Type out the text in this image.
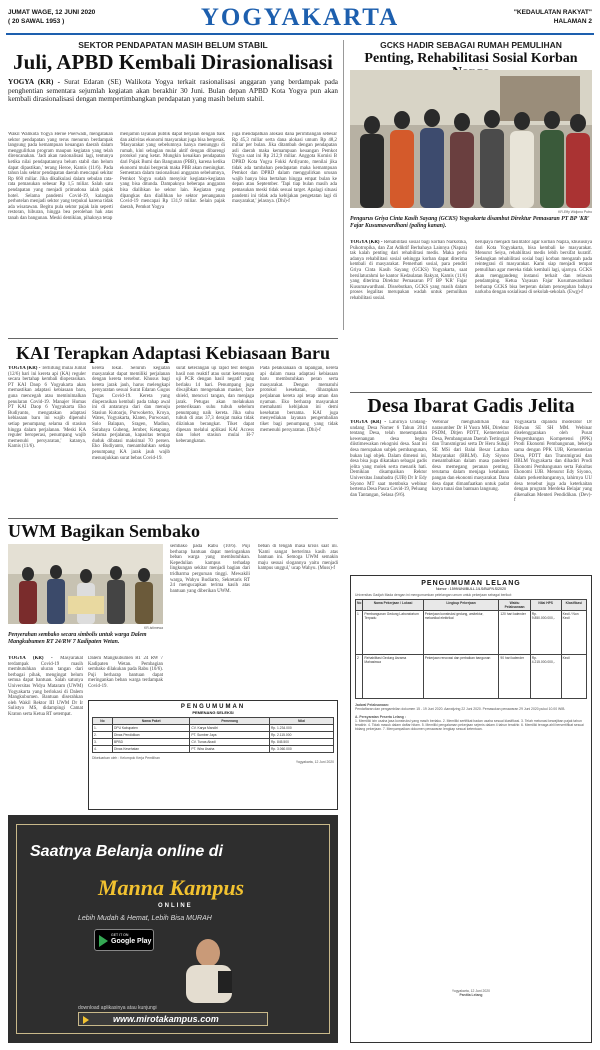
JUMAT WAGE, 12 JUNI 2020
( 20 SAWAL 1953 )	YOGYAKARTA	"KEDAULATAN RAKYAT"
HALAMAN 2
SEKTOR PENDAPATAN MASIH BELUM STABIL
Juli, APBD Kembali Dirasionalisasi
YOGYA (KR) - Surat Edaran (SE) Walikota Yogya terkait rasionalisasi anggaran yang berdampak pada penghentian sementara sejumlah kegiatan akan berakhir 30 Juni. Bulan depan APBD Kota Yogya pun akan kembali dirasionalisasi dengan mempertimbangkan pendapatan yang masih belum stabil.
Wakil Walikota Yogya Heroe Poerwadi, mengatakan sektor pendapatan yang terus menurun berdampak langsung pada kemampuan keuangan daerah dalam menggulirkan program maupun kegiatan yang telah direncanakan. 'Jadi akan rasionalisasi lagi, tentunya ketika nilai pendapatannya belum stabil dan belum dapat dipastikan,' terang Heroe, Kamis (11/6). Pada tahun lalu sektor pendapatan daerah mencapai sekitar Rp 660 miliar. Jika dikalkulasi dalam sebulan rata-rata pemasukan sebesar Rp 1,5 miliar. Salah satu pendapatan yang menjadi primadona ialah pajak hotel. Selama pandemi Covid-19, kalangan perhotelan menjadi sektor yang terpukul karena tidak ada wisatawan. Begitu pula sektor pajak lain seperti restoran, hiburan, hingga bea perolehan hak atas tanah dan bangunan. Meski demikian, pihaknya tetap
menjamin layanan publik dapat berjalan dengan baik dan aktivitas ekonomi masyarakat juga bisa bergerak. 'Masyarakat yang sebelumnya hanya menunggu di rumah, kini sebagian mulai aktif dengan dibarengi protokol yang ketat. Mungkin kenaikan pendapatan dari Pajak Bumi dan Bangunan (PBB), karena ketika ekonomi mulai bergerak maka PBB akan meningkat. Sementara dalam rasionalisasi anggaran sebelumnya, Pemkot Yogya sudah menyisir kegiatan-kegiatan yang bisa ditunda. Dampaknya beberapa anggaran bisa dialihkan ke sektor lain. Kegiatan yang dipangkas dan dialihkan ke sektor penanganan Covid-19 mencapai Rp 131,9 miliar. Selain pajak daerah, Pemkot Yogya
juga mendapatkan alokasi dana perimbangan sebesar Rp 45,3 miliar serta dana alokasi umum Rp 48,2 miliar per bulan. Jika ditambah dengan pendapatan asli daerah maka kemampuan keuangan Pemkot Yogya saat ini Rp 212,9 miliar. Anggota Komisi B DPRD Kota Yogya Fokki Ardiyanto, menilai jika tidak ada tambahan pendapatan maka kemampuan Pemkot dan DPRD dalam menggulirkan urusan wajib hanya bisa bertahan hingga empat bulan ke depan atau September. 'Tapi tiap bulan masih ada pemasukan meski tidak sesuai target. Apalagi situasi pandemi ini tidak ada kebijakan pengetatan lagi di masyarakat,' jelasnya. (Dhi)-f
GCKS HADIR SEBAGAI RUMAH PEMULIHAN
Penting, Rehabilitasi Sosial Korban
KR-Effy Widjono Putro
Pengurus Griya Cinta Kasih Sayang (GCKS) Yogyakarta disambut Direktur Pemasaran PT BP 'KR' Fajar Kusumawardhani (paling kanan).
YOGYA (KR) - Rehabilitasi sosial bagi korban Narkotika, Psikotropika, dan Zat Adiktif Berbahaya Lainnya (Napza) tak kalah penting dari rehabilitasi medis. Maka perlu adanya rehabilitasi sosial sehingga korban dapat diterima kembali di masyarakat. Pemerhati sosial, para pendiri Griya Cinta Kasih Sayang (GCKS) Yogyakarta, saat bersilaturahmi ke kantor Kedaulatan Rakyat, Kamis (11/6) yang diterima Direktur Pemasaran PT BP 'KR' Fajar Kusumawardhani. Dissebutkan, GCKS yang masih dalam proses legalitas merupakan wadah untuk pemulihan rehabilitasi sosial.
berupaya menjadi fasilitator agar korban Napza, khususnya dari Kota Yogyakarta, bisa kembali ke masyarakat. Menurut Seiya, rehabilitasi medis lebih bersifat kuratif. Sedangkan rehabilitasi sosial bagi korban mengarah pada reintegrasi di masyarakat. Kami siap menjadi tempat pemulihan agar mereka tidak kembali lagi, ujarnya. GCKS akan menggandeng instansi terkait dan relawan pendamping. Ketua Yayasan Fajar Kusumawardhani berharap GCKS bisa berperan dalam pencegahan bahaya narkoba dengan sosialisasi di sekolah-sekolah. (Ewg)-f
KAI Terapkan Adaptasi Kebiasaan Baru
YOGYA (KR) - Terhitung mulai Jumat (12/6) hari ini kereta api (KA) reguler secara bertahap kembali dioperasikan. PT KAI Daop 6 Yogyakarta akan memastikan adaptasi kebiasaan baru, guna mencegah atau meminimalkan penularan Covid-19. Manajer Humas PT KAI Daop 6 Yogyakarta Eko Budiyanto, mengatakan adaptasi kebiasaan baru ini wajib dipenuhi setiap penumpang selama di stasiun hingga dalam perjalanan. 'Meski KA reguler beroperasi, penumpang wajib memenuhi persyaratan,' katanya, Kamis (11/6).
kereta lokal. Seluruh kegiatan masyarakat dapat memiliki perjalanan dengan kereta tersebut. Khusus bagi kereta jarak jauh, harus melengkapi persyaratan sesuai Surat Edaran Gugus Tugas Covid-19. Kereta yang dioperasikan kembali pada tahap awal ini di antaranya dari dan menuju Stasiun Kutoarjo, Purwokerto, Kroya, Wates, Yogyakarta, Klaten, Purwosari, Solo Balapan, Sragen, Madiun, Surabaya Gubeng, Jember, Ketapang. Selama perjalanan, kapasitas tempat duduk dibatasi maksimal 70 persen. Eko Budiyanto, menambahkan setiap penumpang KA jarak jauh wajib menunjukkan surat bebas Covid-19.
surat keterangan uji rapid test dengan hasil non reaktif atau surat keterangan uji PCR dengan hasil negatif yang berlaku 14 hari. Penumpang juga diwajibkan mengenakan masker, face shield, mencuci tangan, dan menjaga jarak. Petugas akan melakukan pemeriksaan suhu tubuh sebelum penumpang naik kereta. Jika suhu tubuh di atas 37,3 derajat maka tidak diizinkan berangkat. Tiket dapat dipesan melalui aplikasi KAI Access dan loket stasiun mulai H-7 keberangkatan.
Pada pelaksanaan di lapangan, kereta api dalam masa adaptasi kebiasaan baru membutuhkan peran serta masyarakat. Dengan mematuhi protokol kesehatan, diharapkan perjalanan kereta api tetap aman dan nyaman. Eko berharap masyarakat memahami kebijakan ini demi kesehatan bersama. KAI juga menyediakan layanan pengembalian tiket bagi penumpang yang tidak memenuhi persyaratan. (Dhi)-f
Desa Ibarat Gadis Jelita
YOGYA (KR) - Lahirnya Undang-undang Desa Nomer 6 Tahun 2014 tentang Desa, telah menempatkan kewenangan desa begitu diistimewakan rekognisi desa. Saat ini desa merupakan subjek pembangunan, bukan lagi objek. Dalam dimensi ini, desa bisa juga dikatakan sebagai gadis jelita yang molek serta menarik hati. Demikian disampaikan Rektor Universitas Janabadra (UJB) Dr Ir Edy Siyono MT saat membuka webinar bertema Desa Pasca Covid-19, Peluang dan Tantangan, Selasa (9/6).
Webinar menghadirkan dua narasumber Dr H Yusra MH, Direktur PSDM, Ditjen PDTT, Kementerian Desa, Pembangunan Daerah Tertinggal dan Transmigrasi serta Dr Heru Suhaji SE MSi dari Balai Besar Latihan Masyarakat (BBLM). Edy Siyono menambahkan dalam masa pandemi desa memegang peranan penting, terutama dalam menjaga ketahanan pangan dan ekonomi masyarakat. Dana desa dapat dimanfaatkan untuk padat karya tunai dan bantuan langsung.
Yogyakarta dipandu moderator Dr Ridwan SE SH MM. Webinar diselenggarakan oleh Pusat Pengembangan Kompetensi (PPK) Prodi Ekonomi Pembangunan, bekerja sama dengan PPK UJB, Kementerian Desa, PDTT dan Transmigrasi dan BBLM Yogyakarta dan dihadiri Prodi Ekonomi Pembangunan serta Fakultas Ekonomi UJB. Menurut Edy Siyono, dalam perkembangannya, lahirnya UU desa tersebut juga ada keterkaitan dengan program Merdeka Belajar yang dikenalkan Menteri Pendidikan. (Dev)-f
UWM Bagikan Sembako
KR-istimewa
Penyerahan sembako secara simbolis untuk warga Dalem Mangkubumen RT 24/RW 7 Kadipaten Wetan.
YOGYA (KR) - Masyarakat terdampak Covid-19 masih membutuhkan uluran tangan dari berbagai pihak, mengingat belum semua dapat bantuan. Salah satunya Universitas Widya Mataram (UWM) Yogyakarta yang berlokasi di Dalem Mangkubumen. Bantuan diserahkan oleh Wakil Rektor III UWM Dr Ir Sulistyo MS, didampingi Camat Kraton serta Ketua RT setempat.
Dalem Mangkubumen RT 24 RW 7 Kadipaten Wetan. Pembagian sembako dilakukan pada Rabu (10/6). Puji berharap bantuan dapat meringankan beban warga terdampak Covid-19.
sembako pada Rabu (10/6). Puji berharap bantuan dapat meringankan beban warga yang membutuhkan. Kepedulian kampus terhadap lingkungan sekitar menjadi bagian dari tridharma perguruan tinggi. Mewakili warga, Wahyu Budiarto, Sekretaris RT 24 mengucapkan terima kasih atas bantuan yang diberikan UWM.
beban di tengah masa krisis saat ini. 'Kami sangat berterima kasih atas bantuan ini. Semoga UWM semakin maju sesuai slogannya yaitu menjadi kampus unggul,' ucap Wahyu. (Muss)-f
PENGUMUMAN
PEMENANG SELEKSI
No	Nama Paket	Pemenang	Nilai
1.	DPU Kabupaten	CV. Karya Mandiri	Rp. 1.234.000
2.	Dinas Pendidikan	PT. Sumber Jaya	Rp. 2.115.000
3.	BPBD	CV. Tunas Abadi	Rp. 845.500
4.	Dinas Kesehatan	PT. Wira Usaha	Rp. 3.060.000
Dikeluarkan oleh : Kelompok Kerja Pemilihan
Yogyakarta, 12 Juni 2020
Saatnya Belanja online di
Manna Kampus
ONLINE
Lebih Mudah & Hemat, Lebih Bisa MURAH
GET IT ON
Google Play
download aplikasinya atau kunjungi
www.mirotakampus.com
PENGUMUMAN LELANG
Nomor : 1599/UNI/BULL.1/LS/BUP/LS/2020
Universitas Gadjah Mada dengan ini mengumumkan pelelangan umum untuk pekerjaan sebagai berikut:
No	Nama Pekerjaan / Lokasi	Lingkup Pekerjaan	Waktu Pelaksanaan	Nilai HPS	Klasifikasi
1	Pembangunan Gedung Laboratorium Terpadu	Pekerjaan konstruksi gedung, arsitektur, mekanikal elektrikal	120 hari kalender	Rp. 9.850.000.000,-	Kecil / Non Kecil
2	Rehabilitasi Gedung Asrama Mahasiswa	Pekerjaan renovasi dan perbaikan bangunan	90 hari kalender	Rp. 4.215.000.000,-	Kecil
Jadwal Pelaksanaan:
Pendaftaran dan pengambilan dokumen 15 - 19 Juni 2020. Aanwijzing 22 Juni 2020. Pemasukan penawaran 29 Juni 2020 pukul 10.00 WIB.
A. Persyaratan Peserta Lelang :
1. Memiliki izin usaha jasa konstruksi yang masih berlaku. 2. Memiliki sertifikat badan usaha sesuai klasifikasi. 3. Telah melunasi kewajiban pajak tahun terakhir. 4. Tidak masuk dalam daftar hitam. 5. Memiliki pengalaman pekerjaan sejenis dalam 4 tahun terakhir. 6. Memiliki tenaga ahli bersertifikat sesuai bidang pekerjaan. 7. Menyampaikan dokumen penawaran lengkap sesuai ketentuan.
Yogyakarta, 12 Juni 2020
Panitia Lelang
